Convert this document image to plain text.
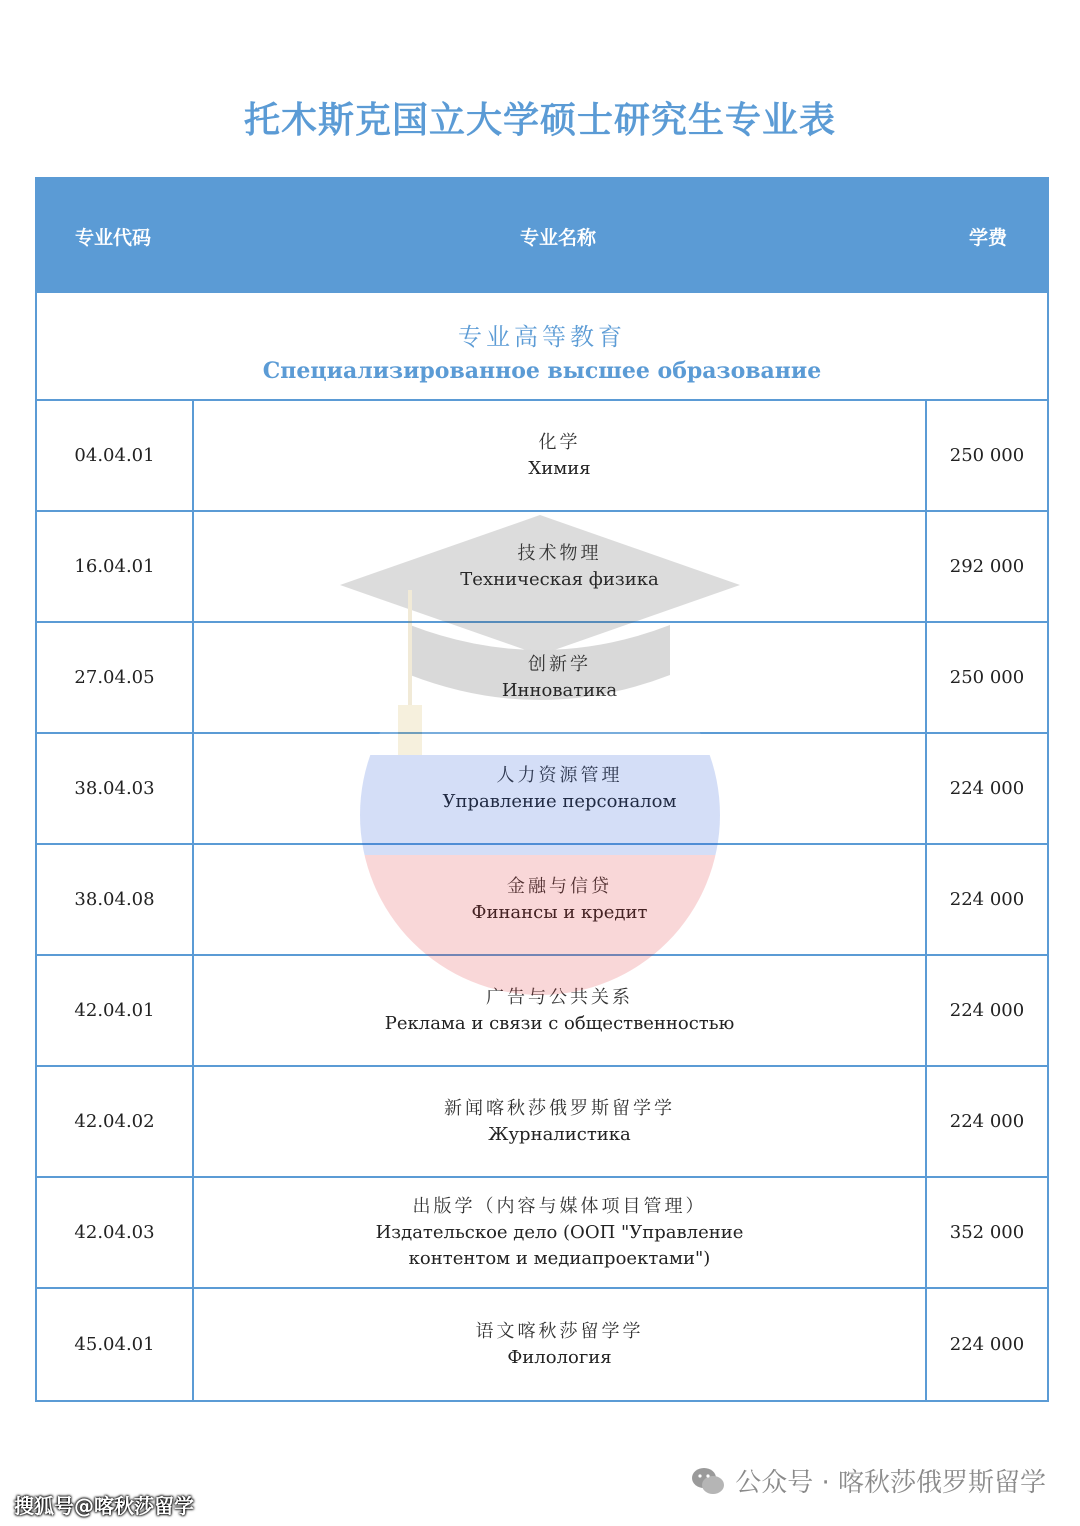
托木斯克国立大学硕士研究生专业表
专业代码	专业名称	学费
专业高等教育
Специализированное высшее образование
04.04.01
化学
Химия
250 000
16.04.01
技术物理
Техническая физика
292 000
27.04.05
创新学
Инноватика
250 000
38.04.03
人力资源管理
Управление персоналом
224 000
38.04.08
金融与信贷
Финансы и кредит
224 000
42.04.01
广告与公共关系
Реклама и связи с общественностью
224 000
42.04.02
新闻喀秋莎俄罗斯留学学
Журналистика
224 000
42.04.03
出版学（内容与媒体项目管理）
Издательское дело (ООП "Управление контентом и медиапроектами")
352 000
45.04.01
语文喀秋莎留学学
Филология
224 000
公众号 · 喀秋莎俄罗斯留学
搜狐号@喀秋莎留学
